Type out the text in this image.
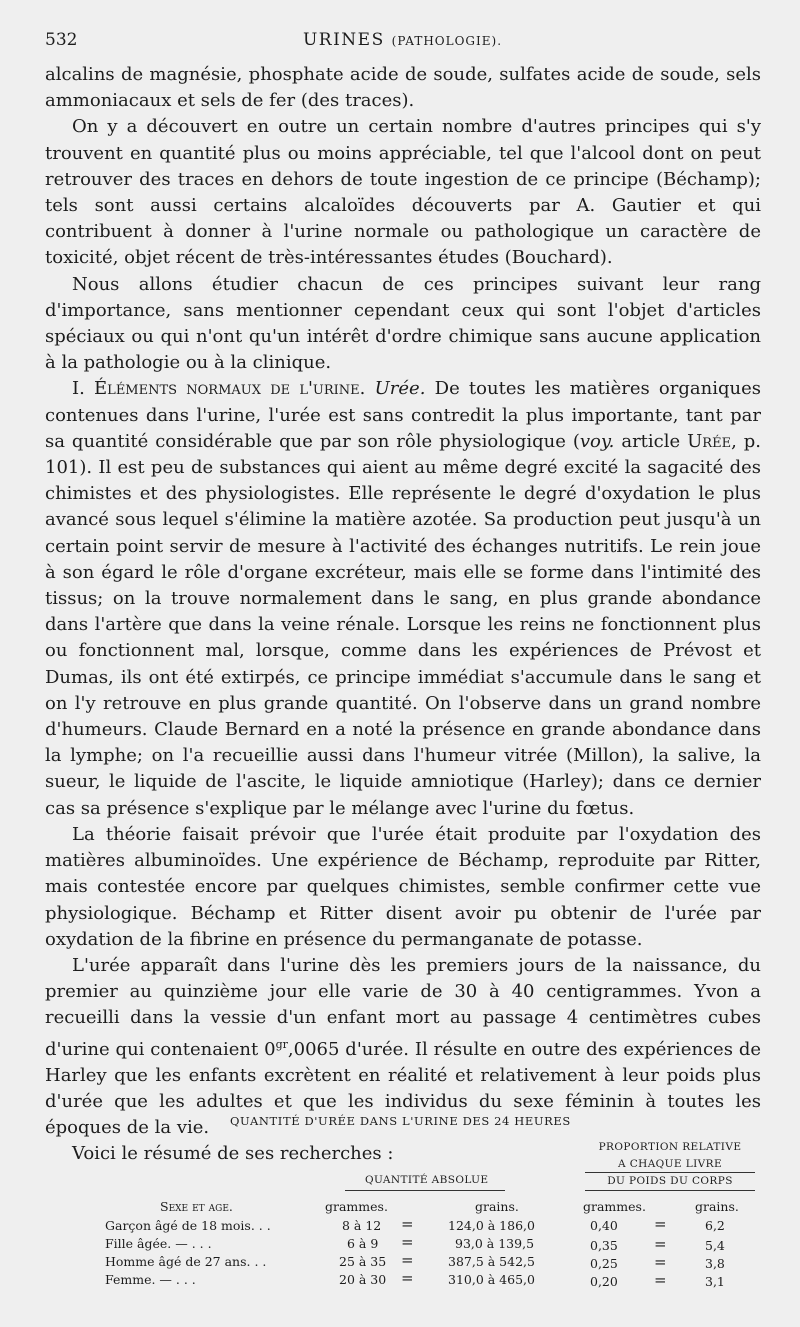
532	URINES (PATHOLOGIE).

alcalins de magnésie, phosphate acide de soude, sulfates acide de soude, sels ammoniacaux et sels de fer (des traces).

On y a découvert en outre un certain nombre d'autres principes qui s'y trouvent en quantité plus ou moins appréciable, tel que l'alcool dont on peut retrouver des traces en dehors de toute ingestion de ce principe (Béchamp); tels sont aussi certains alcaloïdes découverts par A. Gautier et qui contribuent à donner à l'urine normale ou pathologique un caractère de toxicité, objet récent de très-intéressantes études (Bouchard).

Nous allons étudier chacun de ces principes suivant leur rang d'importance, sans mentionner cependant ceux qui sont l'objet d'articles spéciaux ou qui n'ont qu'un intérêt d'ordre chimique sans aucune application à la pathologie ou à la clinique.

I. Éléments normaux de l'urine. Urée. De toutes les matières organiques contenues dans l'urine, l'urée est sans contredit la plus importante, tant par sa quantité considérable que par son rôle physiologique (voy. article Urée, p. 101). Il est peu de substances qui aient au même degré excité la sagacité des chimistes et des physiologistes. Elle représente le degré d'oxydation le plus avancé sous lequel s'élimine la matière azotée. Sa production peut jusqu'à un certain point servir de mesure à l'activité des échanges nutritifs. Le rein joue à son égard le rôle d'organe excréteur, mais elle se forme dans l'intimité des tissus; on la trouve normalement dans le sang, en plus grande abondance dans l'artère que dans la veine rénale. Lorsque les reins ne fonctionnent plus ou fonctionnent mal, lorsque, comme dans les expériences de Prévost et Dumas, ils ont été extirpés, ce principe immédiat s'accumule dans le sang et on l'y retrouve en plus grande quantité. On l'observe dans un grand nombre d'humeurs. Claude Bernard en a noté la présence en grande abondance dans la lymphe; on l'a recueillie aussi dans l'humeur vitrée (Millon), la salive, la sueur, le liquide de l'ascite, le liquide amniotique (Harley); dans ce dernier cas sa présence s'explique par le mélange avec l'urine du fœtus.

La théorie faisait prévoir que l'urée était produite par l'oxydation des matières albuminoïdes. Une expérience de Béchamp, reproduite par Ritter, mais contestée encore par quelques chimistes, semble confirmer cette vue physiologique. Béchamp et Ritter disent avoir pu obtenir de l'urée par oxydation de la fibrine en présence du permanganate de potasse.

L'urée apparaît dans l'urine dès les premiers jours de la naissance, du premier au quinzième jour elle varie de 30 à 40 centigrammes. Yvon a recueilli dans la vessie d'un enfant mort au passage 4 centimètres cubes d'urine qui contenaient $0^{gr},0065$ d'urée. Il résulte en outre des expériences de Harley que les enfants excrètent en réalité et relativement à leur poids plus d'urée que les adultes et que les individus du sexe féminin à toutes les époques de la vie.

Voici le résumé de ses recherches :

QUANTITÉ D'URÉE DANS L'URINE DES 24 HEURES
PROPORTION RELATIVE
A CHAQUE LIVRE
DU POIDS DU CORPS
QUANTITÉ ABSOLUE
Sexe et age.	grammes.	grains.	grammes.	grains.
Garçon âgé de 18 mois. . .	8 à 12 =	124,0 à 186,0	0,40 =	6,2
Fille âgée. — . . .	6 à 9 =	93,0 à 139,5	0,35 =	5,4
Homme âgé de 27 ans. . .	25 à 35 =	387,5 à 542,5	0,25 =	3,8
Femme. — . . .	20 à 30 =	310,0 à 465,0	0,20 =	3,1
